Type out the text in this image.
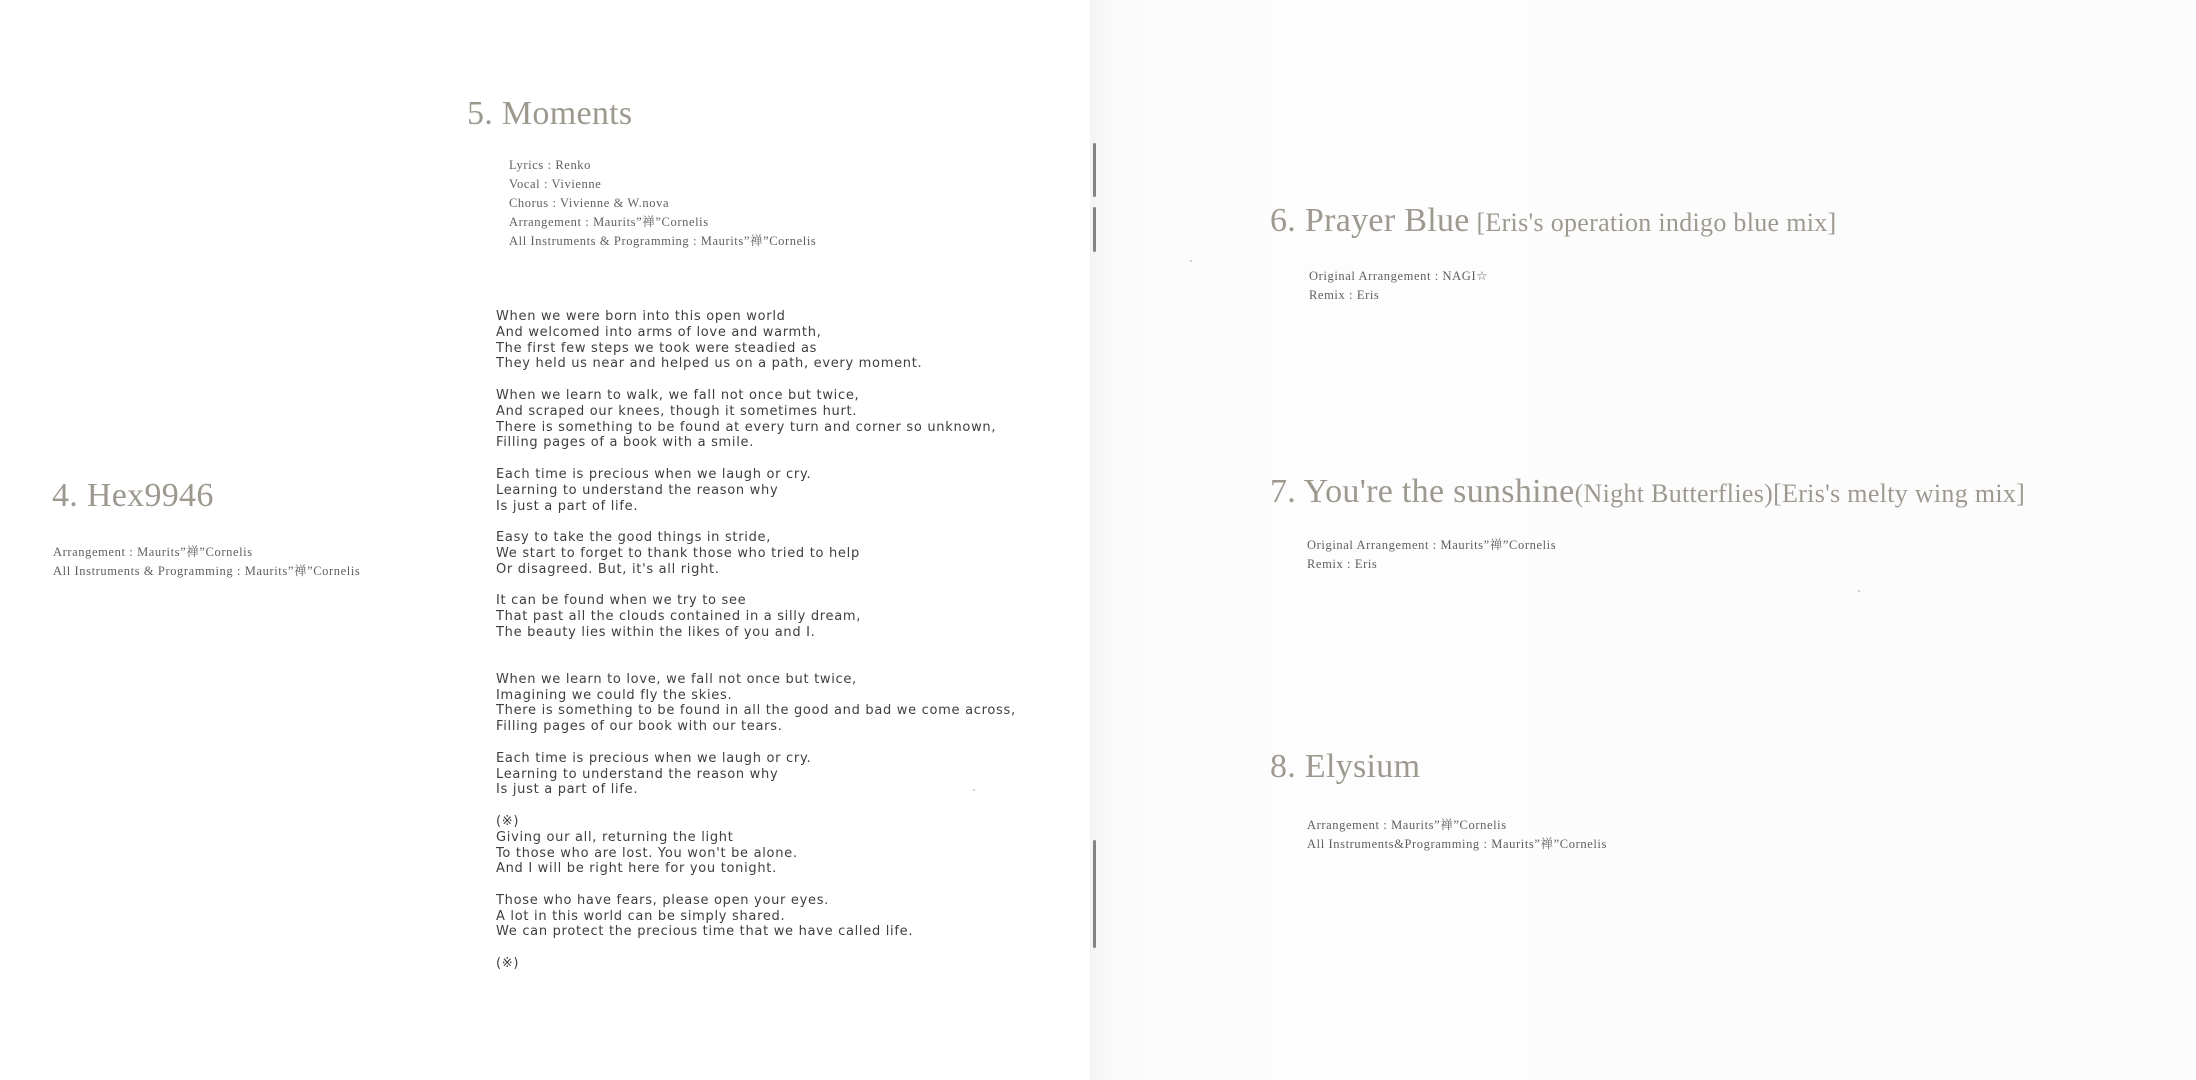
4. Hex9946
Arrangement : Maurits”禅”Cornelis
All Instruments & Programming : Maurits”禅”Cornelis
5. Moments
Lyrics : Renko
Vocal : Vivienne
Chorus : Vivienne & W.nova
Arrangement : Maurits”禅”Cornelis
All Instruments & Programming : Maurits”禅”Cornelis
When we were born into this open world
And welcomed into arms of love and warmth,
The first few steps we took were steadied as
They held us near and helped us on a path, every moment.
When we learn to walk, we fall not once but twice,
And scraped our knees, though it sometimes hurt.
There is something to be found at every turn and corner so unknown,
Filling pages of a book with a smile.
Each time is precious when we laugh or cry.
Learning to understand the reason why
Is just a part of life.
Easy to take the good things in stride,
We start to forget to thank those who tried to help
Or disagreed. But, it's all right.
It can be found when we try to see
That past all the clouds contained in a silly dream,
The beauty lies within the likes of you and I.
When we learn to love, we fall not once but twice,
Imagining we could fly the skies.
There is something to be found in all the good and bad we come across,
Filling pages of our book with our tears.
Each time is precious when we laugh or cry.
Learning to understand the reason why
Is just a part of life.
(※)
Giving our all, returning the light
To those who are lost. You won't be alone.
And I will be right here for you tonight.
Those who have fears, please open your eyes.
A lot in this world can be simply shared.
We can protect the precious time that we have called life.
(※)
6. Prayer Blue [Eris's operation indigo blue mix]
Original Arrangement : NAGI☆
Remix : Eris
7. You're the sunshine(Night Butterflies)[Eris's melty wing mix]
Original Arrangement : Maurits”禅”Cornelis
Remix : Eris
8. Elysium
Arrangement : Maurits”禅”Cornelis
All Instruments&Programming : Maurits”禅”Cornelis
